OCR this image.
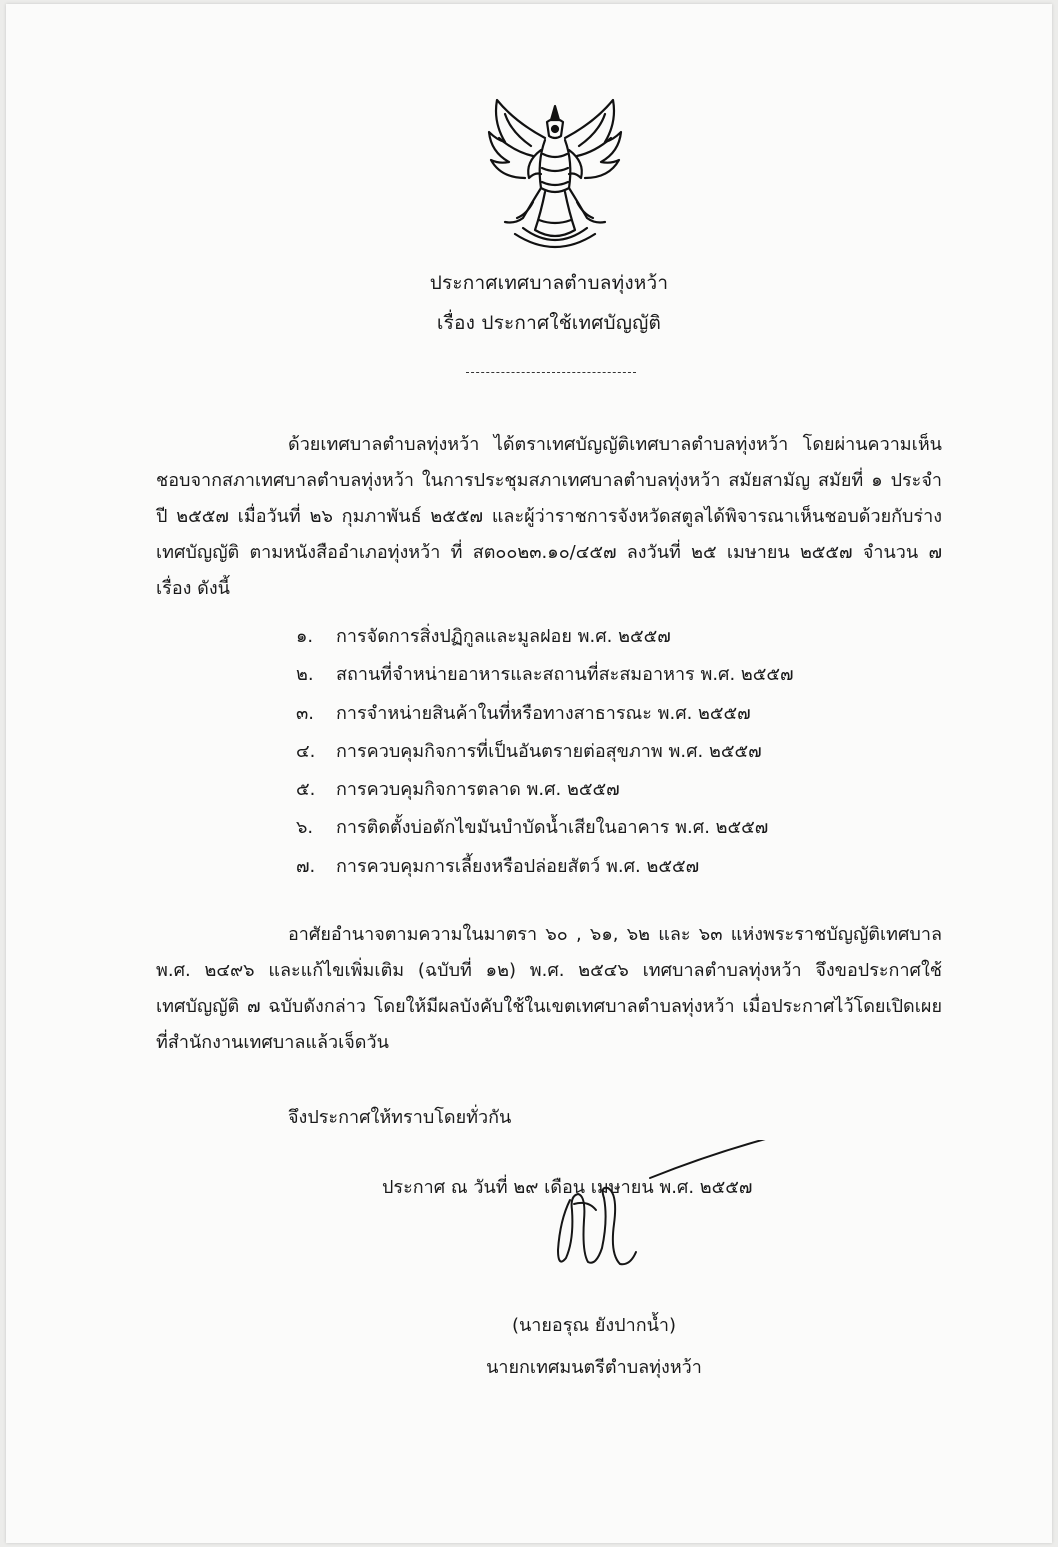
ประกาศเทศบาลตำบลทุ่งหว้า
เรื่อง ประกาศใช้เทศบัญญัติ

ด้วยเทศบาลตำบลทุ่งหว้า ได้ตราเทศบัญญัติเทศบาลตำบลทุ่งหว้า โดยผ่านความเห็นชอบจากสภาเทศบาลตำบลทุ่งหว้า ในการประชุมสภาเทศบาลตำบลทุ่งหว้า สมัยสามัญ สมัยที่ ๑ ประจำปี ๒๕๕๗ เมื่อวันที่ ๒๖ กุมภาพันธ์ ๒๕๕๗ และผู้ว่าราชการจังหวัดสตูลได้พิจารณาเห็นชอบด้วยกับร่างเทศบัญญัติ ตามหนังสืออำเภอทุ่งหว้า ที่ สต๐๐๒๓.๑๐/๔๕๗ ลงวันที่ ๒๕ เมษายน ๒๕๕๗ จำนวน ๗ เรื่อง ดังนี้

๑. การจัดการสิ่งปฏิกูลและมูลฝอย พ.ศ. ๒๕๕๗
๒. สถานที่จำหน่ายอาหารและสถานที่สะสมอาหาร พ.ศ. ๒๕๕๗
๓. การจำหน่ายสินค้าในที่หรือทางสาธารณะ พ.ศ. ๒๕๕๗
๔. การควบคุมกิจการที่เป็นอันตรายต่อสุขภาพ พ.ศ. ๒๕๕๗
๕. การควบคุมกิจการตลาด พ.ศ. ๒๕๕๗
๖. การติดตั้งบ่อดักไขมันบำบัดน้ำเสียในอาคาร พ.ศ. ๒๕๕๗
๗. การควบคุมการเลี้ยงหรือปล่อยสัตว์ พ.ศ. ๒๕๕๗

อาศัยอำนาจตามความในมาตรา ๖๐ , ๖๑, ๖๒ และ ๖๓ แห่งพระราชบัญญัติเทศบาล พ.ศ. ๒๔๙๖ และแก้ไขเพิ่มเติม (ฉบับที่ ๑๒) พ.ศ. ๒๕๔๖ เทศบาลตำบลทุ่งหว้า จึงขอประกาศใช้เทศบัญญัติ ๗ ฉบับดังกล่าว โดยให้มีผลบังคับใช้ในเขตเทศบาลตำบลทุ่งหว้า เมื่อประกาศไว้โดยเปิดเผยที่สำนักงานเทศบาลแล้วเจ็ดวัน

จึงประกาศให้ทราบโดยทั่วกัน
ประกาศ ณ วันที่ ๒๙ เดือน เมษายน พ.ศ. ๒๕๕๗
(นายอรุณ ยังปากน้ำ)
นายกเทศมนตรีตำบลทุ่งหว้า
